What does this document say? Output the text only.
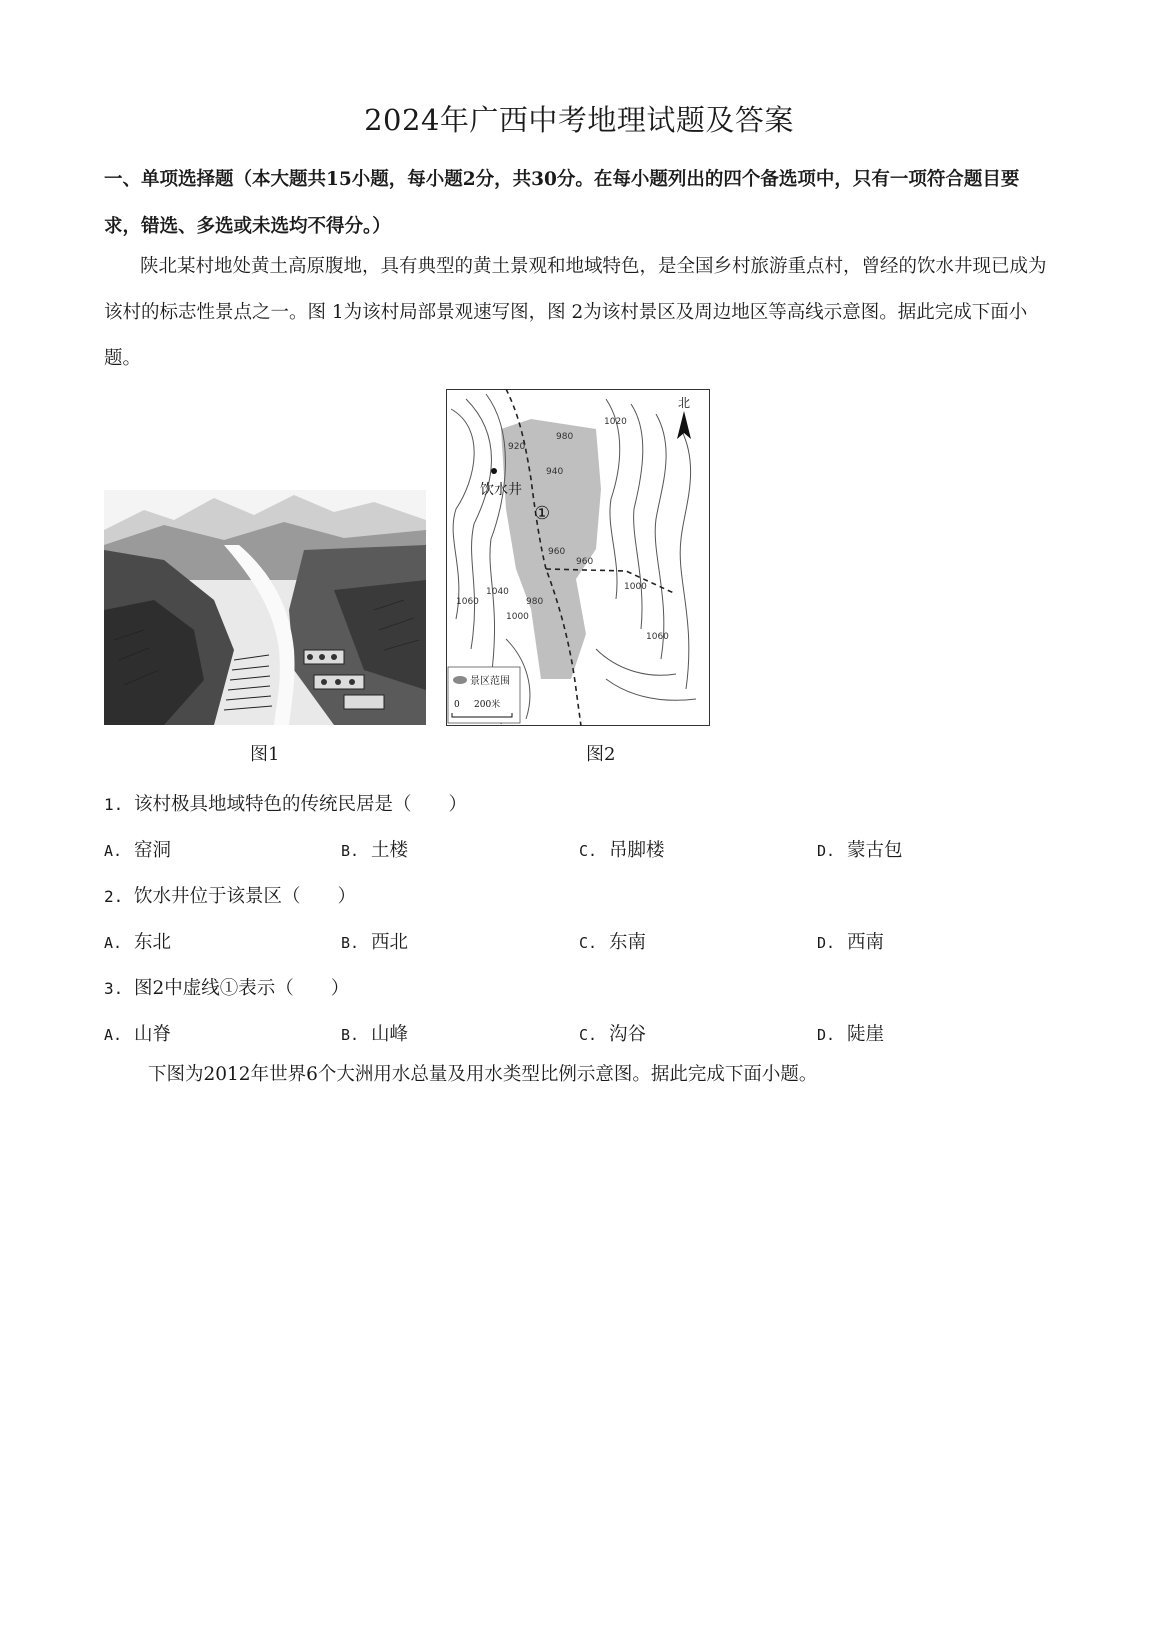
2024年广西中考地理试题及答案
一、单项选择题（本大题共15小题，每小题2分，共30分。在每小题列出的四个备选项中，只有一项符合题目要求，错选、多选或未选均不得分。）
陕北某村地处黄土高原腹地，具有典型的黄土景观和地域特色，是全国乡村旅游重点村，曾经的饮水井现已成为该村的标志性景点之一。图 1为该村局部景观速写图，图 2为该村景区及周边地区等高线示意图。据此完成下面小题。
饮水井
①
1020
980
940
920
960
960
1000
1060
1040
1000
980
1060
北
景区范围
0 200米
图1	图2
1. 该村极具地域特色的传统民居是（　　）
A. 窑洞	B. 土楼	C. 吊脚楼	D. 蒙古包
2. 饮水井位于该景区（　　）
A. 东北	B. 西北	C. 东南	D. 西南
3. 图2中虚线①表示（　　）
A. 山脊	B. 山峰	C. 沟谷	D. 陡崖
下图为2012年世界6个大洲用水总量及用水类型比例示意图。据此完成下面小题。
